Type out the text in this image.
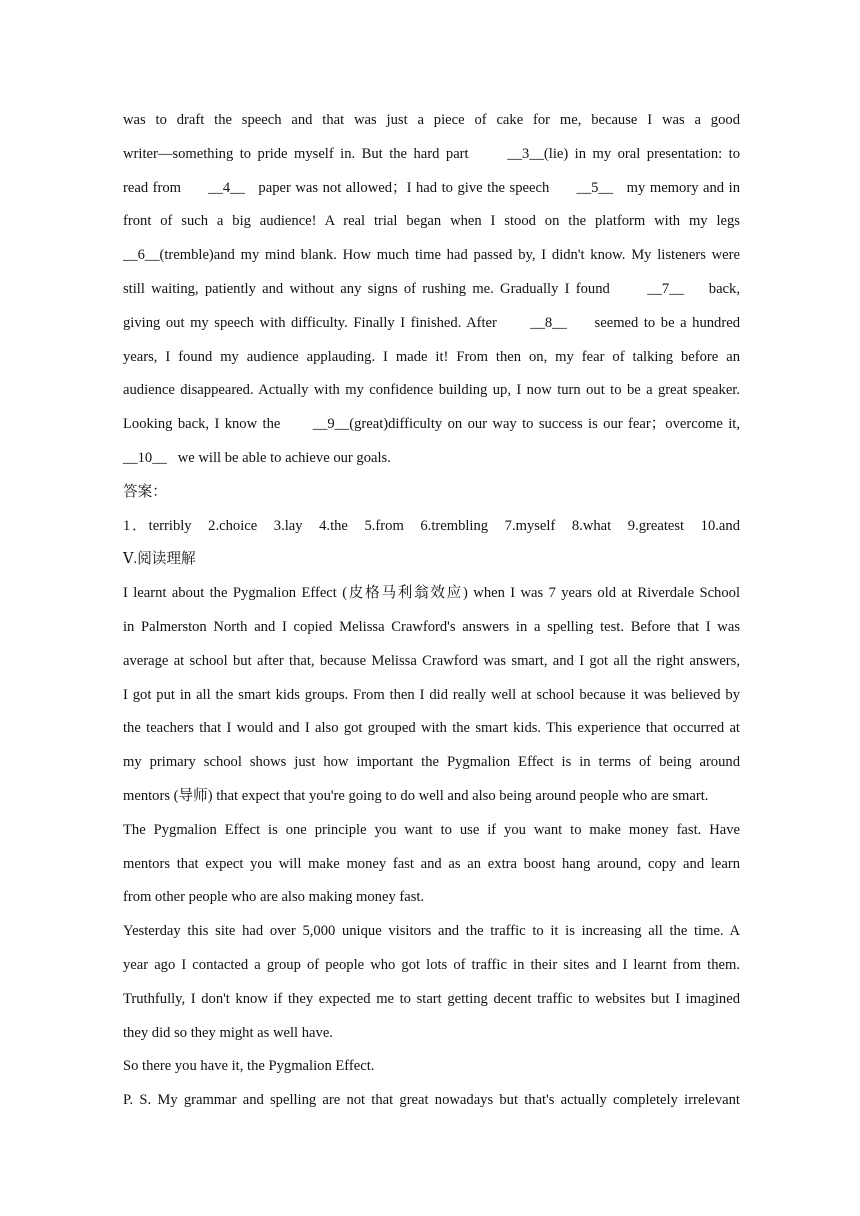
was to draft the speech and that was just a piece of cake for me, because I was a good
writer—something to pride myself in. But the hard part      __3__(lie) in my oral presentation: to
read from      __4__   paper was not allowed；I had to give the speech      __5__   my memory and in
front of such a big audience! A real trial began when I stood on the platform with my legs
__6__(tremble)and my mind blank. How much time had passed by, I didn't know. My listeners were
still waiting, patiently and without any signs of rushing me. Gradually I found      __7__    back,
giving out my speech with difficulty. Finally I finished. After      __8__     seemed to be a hundred
years, I found my audience applauding. I made it! From then on, my fear of talking before an
audience disappeared. Actually with my confidence building up, I now turn out to be a great speaker.
Looking back, I know the      __9__(great)difficulty on our way to success is our fear；overcome it,
__10__   we will be able to achieve our goals.
答案：
1．terribly   2.choice   3.lay   4.the   5.from   6.trembling   7.myself   8.what   9.greatest   10.and
Ⅴ.阅读理解
I learnt about the Pygmalion Effect (皮格马利翁效应) when I was 7 years old at Riverdale School
in Palmerston North and I copied Melissa Crawford's answers in a spelling test. Before that I was
average at school but after that, because Melissa Crawford was smart, and I got all the right answers,
I got put in all the smart kids groups. From then I did really well at school because it was believed by
the teachers that I would and I also got grouped with the smart kids. This experience that occurred at
my primary school shows just how important the Pygmalion Effect is in terms of being around
mentors (导师) that expect that you're going to do well and also being around people who are smart.
The Pygmalion Effect is one principle you want to use if you want to make money fast. Have
mentors that expect you will make money fast and as an extra boost hang around, copy and learn
from other people who are also making money fast.
Yesterday this site had over 5,000 unique visitors and the traffic to it is increasing all the time. A
year ago I contacted a group of people who got lots of traffic in their sites and I learnt from them.
Truthfully, I don't know if they expected me to start getting decent traffic to websites but I imagined
they did so they might as well have.
So there you have it, the Pygmalion Effect.
P. S. My grammar and spelling are not that great nowadays but that's actually completely irrelevant
